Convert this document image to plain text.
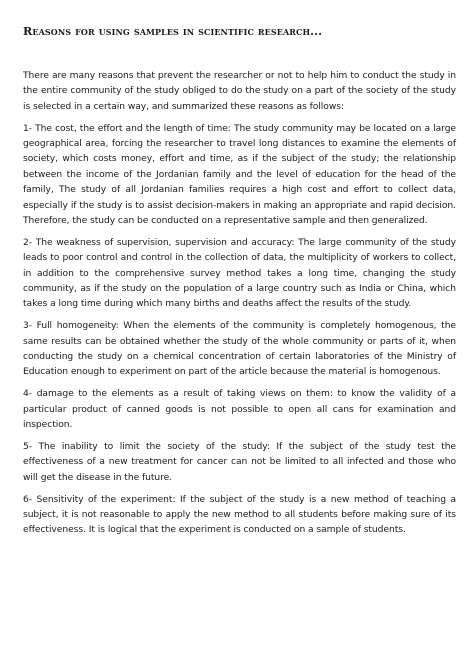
Reasons for using samples in scientific research...

There are many reasons that prevent the researcher or not to help him to conduct the study in the entire community of the study obliged to do the study on a part of the society of the study is selected in a certain way, and summarized these reasons as follows:

1- The cost, the effort and the length of time: The study community may be located on a large geographical area, forcing the researcher to travel long distances to examine the elements of society, which costs money, effort and time, as if the subject of the study; the relationship between the income of the Jordanian family and the level of education for the head of the family, The study of all Jordanian families requires a high cost and effort to collect data, especially if the study is to assist decision-makers in making an appropriate and rapid decision. Therefore, the study can be conducted on a representative sample and then generalized.

2- The weakness of supervision, supervision and accuracy: The large community of the study leads to poor control and control in the collection of data, the multiplicity of workers to collect, in addition to the comprehensive survey method takes a long time, changing the study community, as if the study on the population of a large country such as India or China, which takes a long time during which many births and deaths affect the results of the study.

3- Full homogeneity: When the elements of the community is completely homogenous, the same results can be obtained whether the study of the whole community or parts of it, when conducting the study on a chemical concentration of certain laboratories of the Ministry of Education enough to experiment on part of the article because the material is homogenous.

4- damage to the elements as a result of taking views on them: to know the validity of a particular product of canned goods is not possible to open all cans for examination and inspection.

5- The inability to limit the society of the study: If the subject of the study test the effectiveness of a new treatment for cancer can not be limited to all infected and those who will get the disease in the future.

6- Sensitivity of the experiment: If the subject of the study is a new method of teaching a subject, it is not reasonable to apply the new method to all students before making sure of its effectiveness. It is logical that the experiment is conducted on a sample of students.
